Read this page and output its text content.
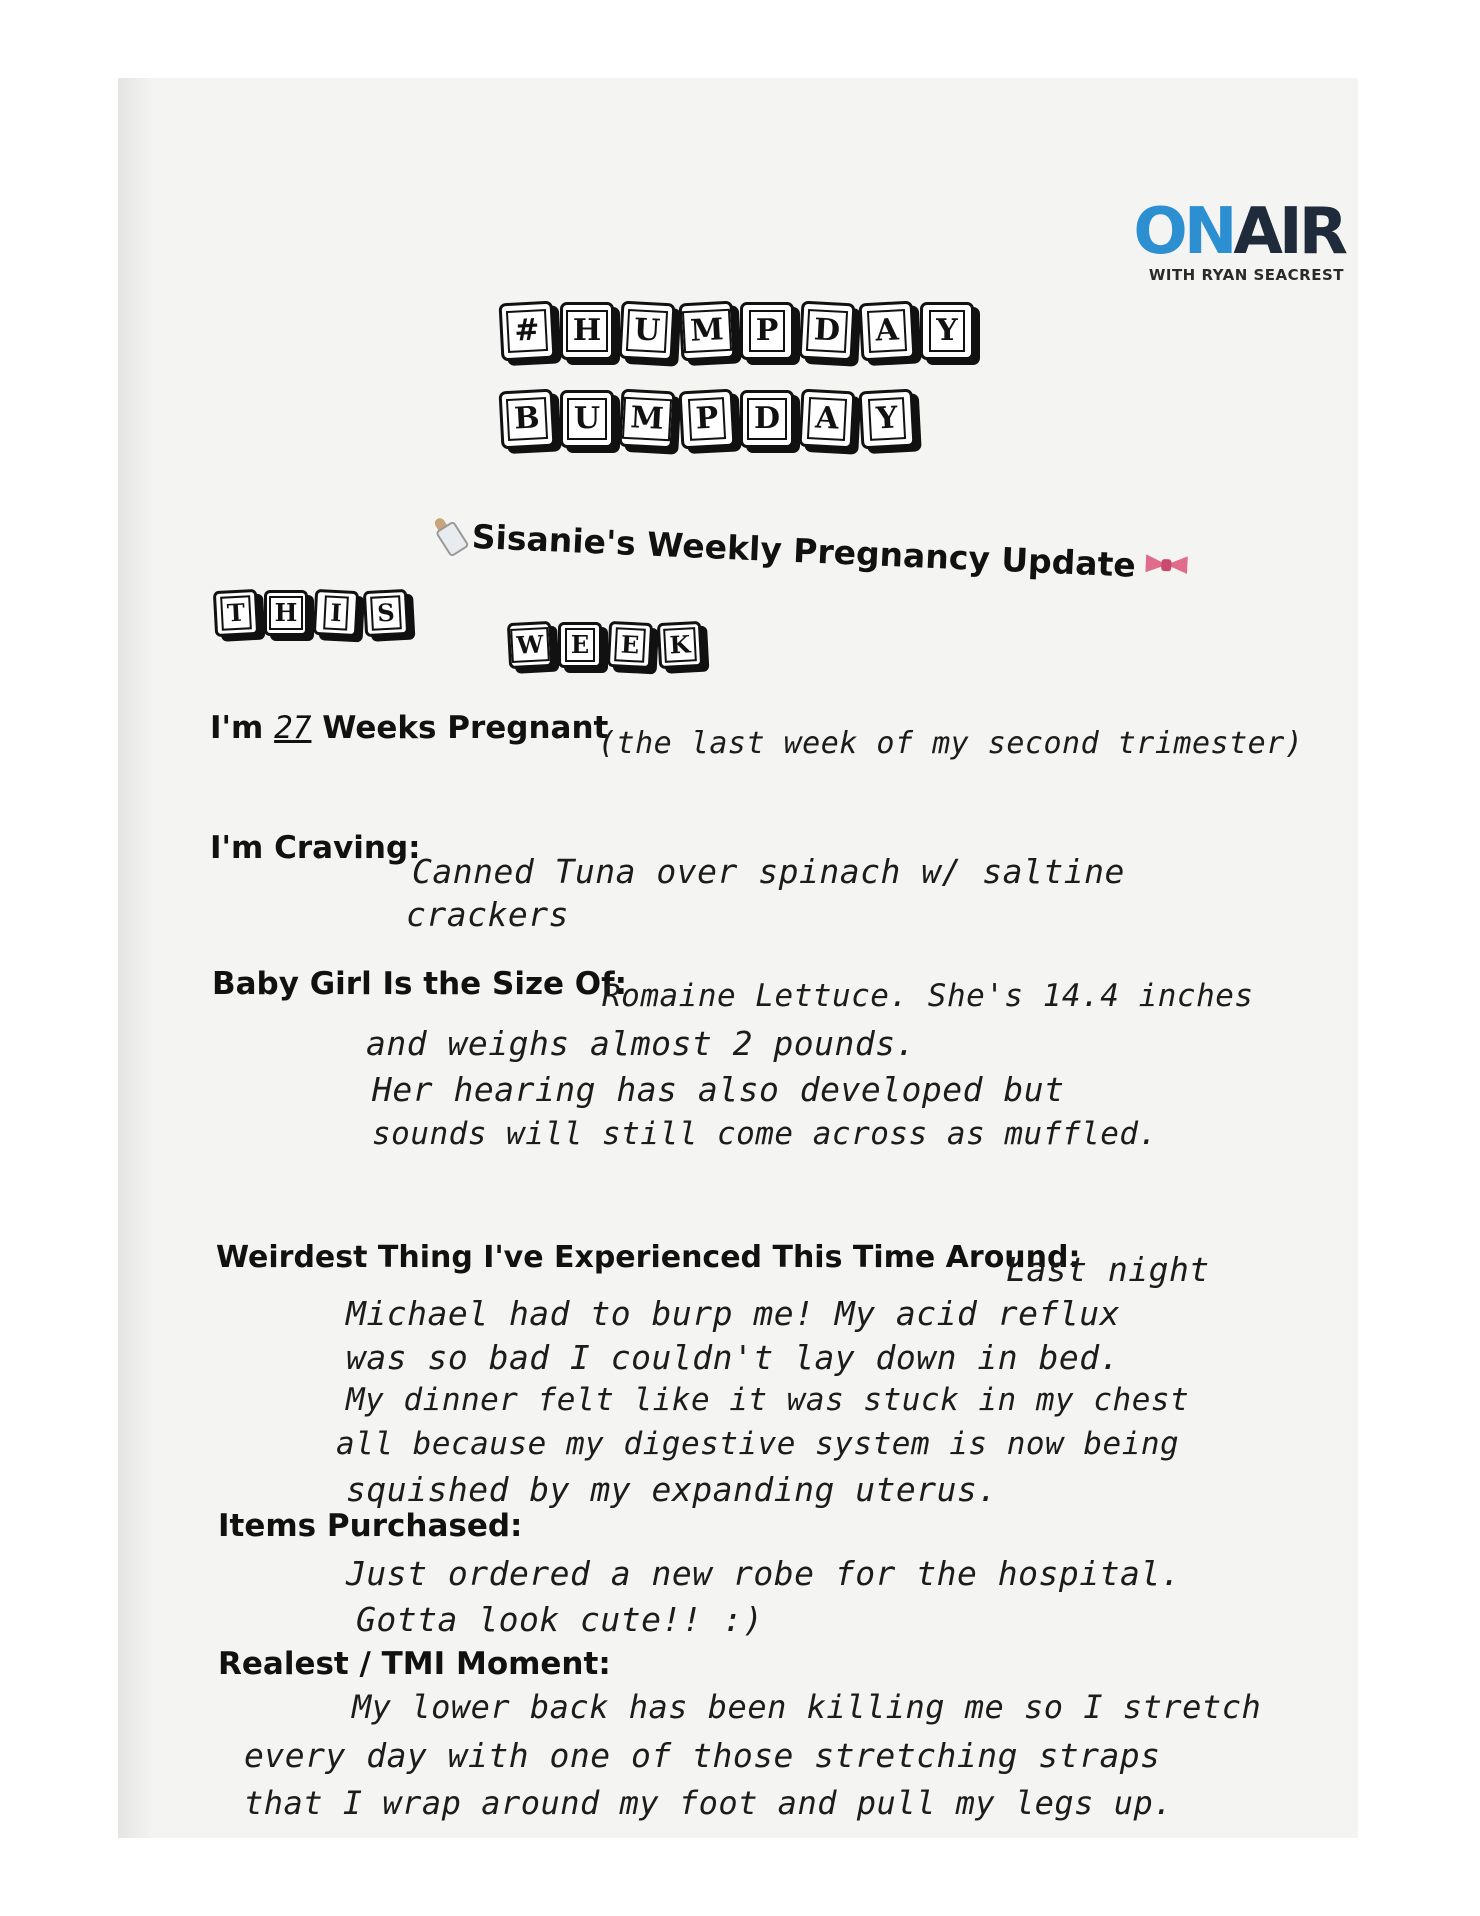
ONAIR
WITH RYAN SEACREST
# H U M P D A Y
B U M P D A Y
Sisanie's Weekly Pregnancy Update
T H I S
W E E K
I'm 27 Weeks Pregnant
(the last week of my second trimester)
I'm Craving:
Canned Tuna over spinach w/ saltine
crackers
Baby Girl Is the Size Of:
Romaine Lettuce. She's 14.4 inches
and weighs almost 2 pounds.
Her hearing has also developed but
sounds will still come across as muffled.
Weirdest Thing I've Experienced This Time Around:
Last night
Michael had to burp me! My acid reflux
was so bad I couldn't lay down in bed.
My dinner felt like it was stuck in my chest
all because my digestive system is now being
squished by my expanding uterus.
Items Purchased:
Just ordered a new robe for the hospital.
Gotta look cute!! :)
Realest / TMI Moment:
My lower back has been killing me so I stretch
every day with one of those stretching straps
that I wrap around my foot and pull my legs up.
